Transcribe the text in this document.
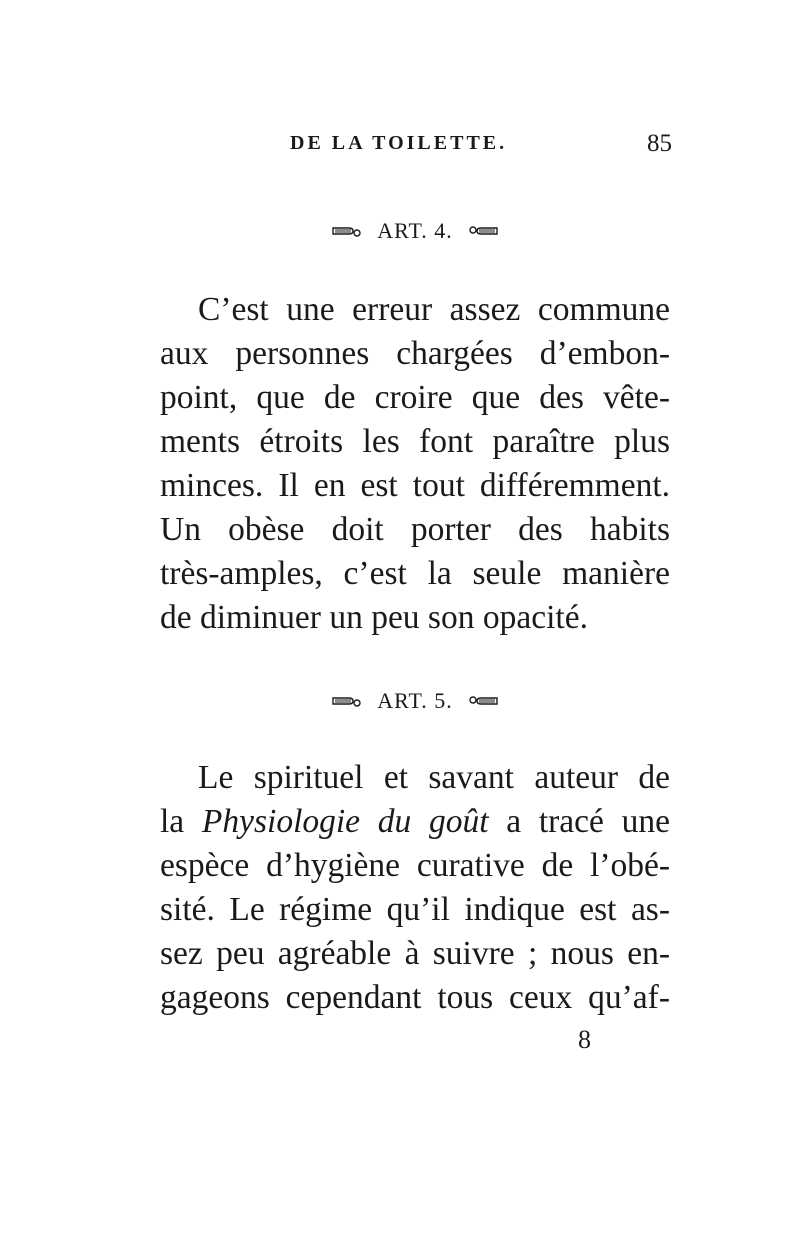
DE LA TOILETTE.	85
ART. 4.

C’est une erreur assez commune
aux personnes chargées d’embon-
point, que de croire que des vête-
ments étroits les font paraître plus
minces. Il en est tout différemment.
Un obèse doit porter des habits
très-amples, c’est la seule manière
de diminuer un peu son opacité.

ART. 5.

Le spirituel et savant auteur de
la Physiologie du goût a tracé une
espèce d’hygiène curative de l’obé-
sité. Le régime qu’il indique est as-
sez peu agréable à suivre ; nous en-
gageons cependant tous ceux qu’af-

8
